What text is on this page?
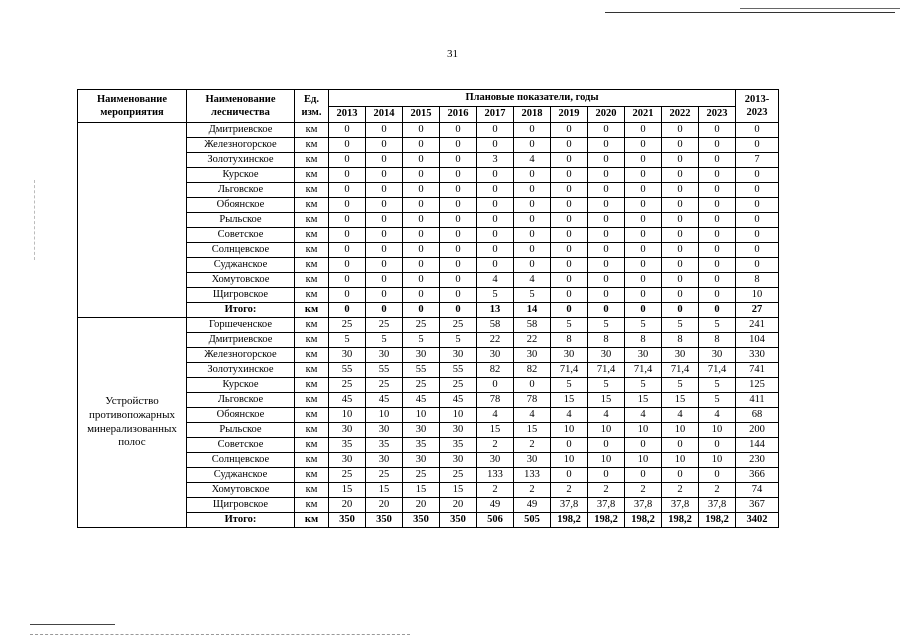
31
Наименование мероприятия	Наименование лесничества	Ед. изм.	Плановые показатели, годы											2013-2023
			2013	2014	2015	2016	2017	2018	2019	2020	2021	2022	2023	
	Дмитриевское	км	0	0	0	0	0	0	0	0	0	0	0	0
	Железногорское	км	0	0	0	0	0	0	0	0	0	0	0	0
	Золотухинское	км	0	0	0	0	3	4	0	0	0	0	0	7
	Курское	км	0	0	0	0	0	0	0	0	0	0	0	0
	Льговское	км	0	0	0	0	0	0	0	0	0	0	0	0
	Обоянское	км	0	0	0	0	0	0	0	0	0	0	0	0
	Рыльское	км	0	0	0	0	0	0	0	0	0	0	0	0
	Советское	км	0	0	0	0	0	0	0	0	0	0	0	0
	Солнцевское	км	0	0	0	0	0	0	0	0	0	0	0	0
	Суджанское	км	0	0	0	0	0	0	0	0	0	0	0	0
	Хомутовское	км	0	0	0	0	4	4	0	0	0	0	0	8
	Щигровское	км	0	0	0	0	5	5	0	0	0	0	0	10
	Итого:	км	0	0	0	0	13	14	0	0	0	0	0	27
Устройство противопожарных минерализованных полос	Горшеченское	км	25	25	25	25	58	58	5	5	5	5	5	241
	Дмитриевское	км	5	5	5	5	22	22	8	8	8	8	8	104
	Железногорское	км	30	30	30	30	30	30	30	30	30	30	30	330
	Золотухинское	км	55	55	55	55	82	82	71,4	71,4	71,4	71,4	71,4	741
	Курское	км	25	25	25	25	0	0	5	5	5	5	5	125
	Льговское	км	45	45	45	45	78	78	15	15	15	15	5	411
	Обоянское	км	10	10	10	10	4	4	4	4	4	4	4	68
	Рыльское	км	30	30	30	30	15	15	10	10	10	10	10	200
	Советское	км	35	35	35	35	2	2	0	0	0	0	0	144
	Солнцевское	км	30	30	30	30	30	30	10	10	10	10	10	230
	Суджанское	км	25	25	25	25	133	133	0	0	0	0	0	366
	Хомутовское	км	15	15	15	15	2	2	2	2	2	2	2	74
	Щигровское	км	20	20	20	20	49	49	37,8	37,8	37,8	37,8	37,8	367
	Итого:	км	350	350	350	350	506	505	198,2	198,2	198,2	198,2	198,2	3402
